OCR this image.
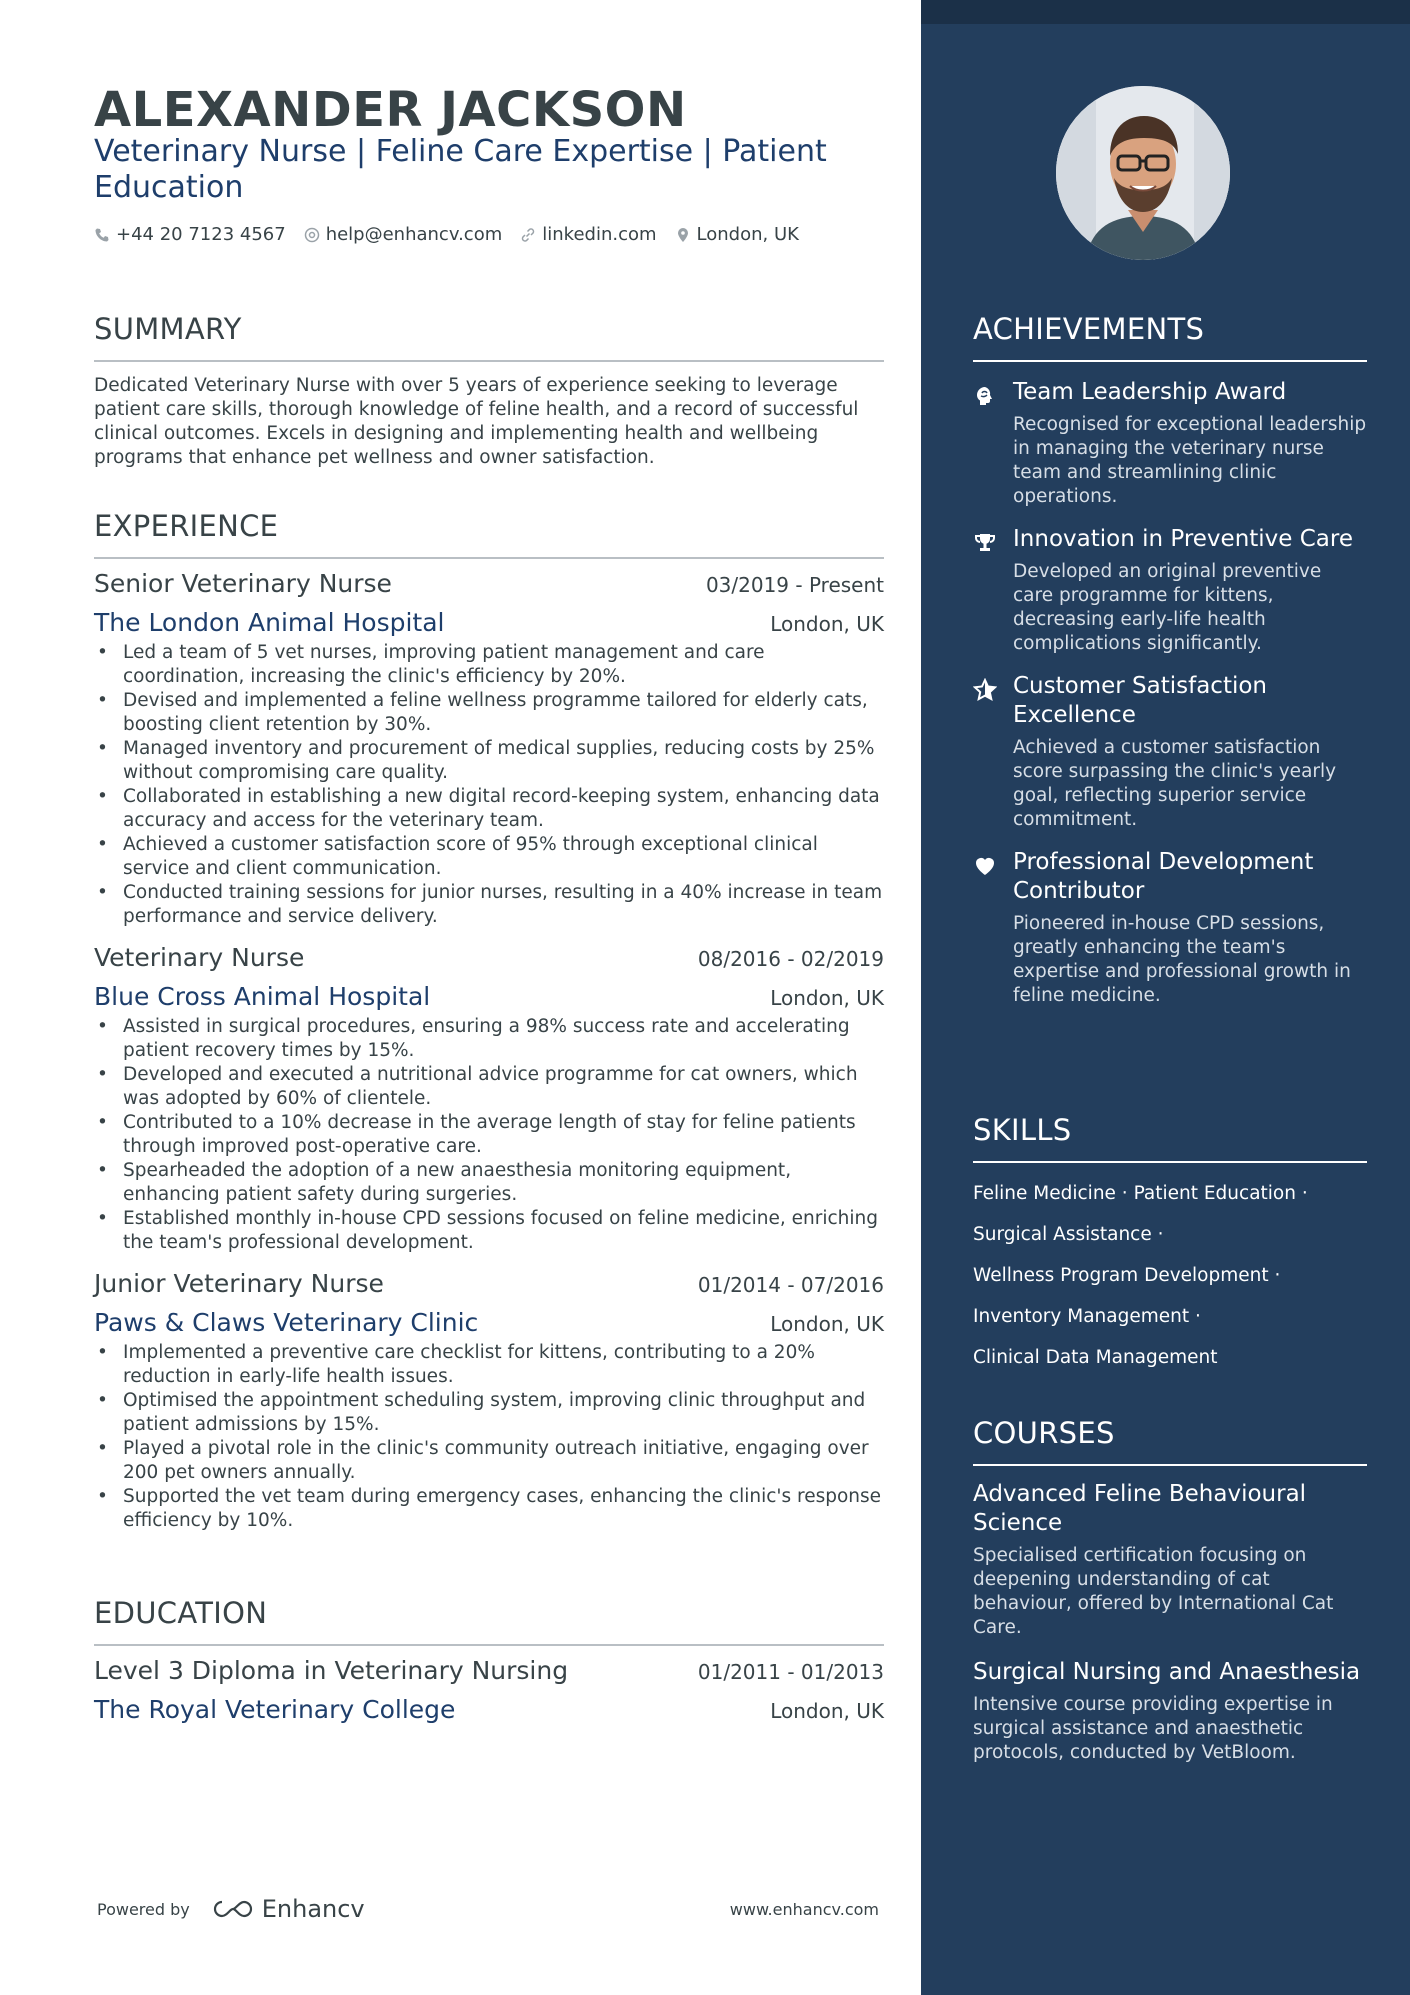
ALEXANDER JACKSON
Veterinary Nurse | Feline Care Expertise | Patient Education
+44 20 7123 4567 help@enhancv.com linkedin.com London, UK
SUMMARY
Dedicated Veterinary Nurse with over 5 years of experience seeking to leverage patient care skills, thorough knowledge of feline health, and a record of successful clinical outcomes. Excels in designing and implementing health and wellbeing programs that enhance pet wellness and owner satisfaction.
EXPERIENCE
Senior Veterinary Nurse	03/2019 - Present
The London Animal Hospital	London, UK
• Led a team of 5 vet nurses, improving patient management and care coordination, increasing the clinic's efficiency by 20%.
• Devised and implemented a feline wellness programme tailored for elderly cats, boosting client retention by 30%.
• Managed inventory and procurement of medical supplies, reducing costs by 25% without compromising care quality.
• Collaborated in establishing a new digital record-keeping system, enhancing data accuracy and access for the veterinary team.
• Achieved a customer satisfaction score of 95% through exceptional clinical service and client communication.
• Conducted training sessions for junior nurses, resulting in a 40% increase in team performance and service delivery.
Veterinary Nurse	08/2016 - 02/2019
Blue Cross Animal Hospital	London, UK
• Assisted in surgical procedures, ensuring a 98% success rate and accelerating patient recovery times by 15%.
• Developed and executed a nutritional advice programme for cat owners, which was adopted by 60% of clientele.
• Contributed to a 10% decrease in the average length of stay for feline patients through improved post-operative care.
• Spearheaded the adoption of a new anaesthesia monitoring equipment, enhancing patient safety during surgeries.
• Established monthly in-house CPD sessions focused on feline medicine, enriching the team's professional development.
Junior Veterinary Nurse	01/2014 - 07/2016
Paws & Claws Veterinary Clinic	London, UK
• Implemented a preventive care checklist for kittens, contributing to a 20% reduction in early-life health issues.
• Optimised the appointment scheduling system, improving clinic throughput and patient admissions by 15%.
• Played a pivotal role in the clinic's community outreach initiative, engaging over 200 pet owners annually.
• Supported the vet team during emergency cases, enhancing the clinic's response efficiency by 10%.
EDUCATION
Level 3 Diploma in Veterinary Nursing	01/2011 - 01/2013
The Royal Veterinary College	London, UK
Powered by	Enhancv	www.enhancv.com
ACHIEVEMENTS
Team Leadership Award
Recognised for exceptional leadership in managing the veterinary nurse team and streamlining clinic operations.
Innovation in Preventive Care
Developed an original preventive care programme for kittens, decreasing early-life health complications significantly.
Customer Satisfaction Excellence
Achieved a customer satisfaction score surpassing the clinic's yearly goal, reflecting superior service commitment.
Professional Development Contributor
Pioneered in-house CPD sessions, greatly enhancing the team's expertise and professional growth in feline medicine.
SKILLS
Feline Medicine · Patient Education ·
Surgical Assistance ·
Wellness Program Development ·
Inventory Management ·
Clinical Data Management
COURSES
Advanced Feline Behavioural Science
Specialised certification focusing on deepening understanding of cat behaviour, offered by International Cat Care.
Surgical Nursing and Anaesthesia
Intensive course providing expertise in surgical assistance and anaesthetic protocols, conducted by VetBloom.
